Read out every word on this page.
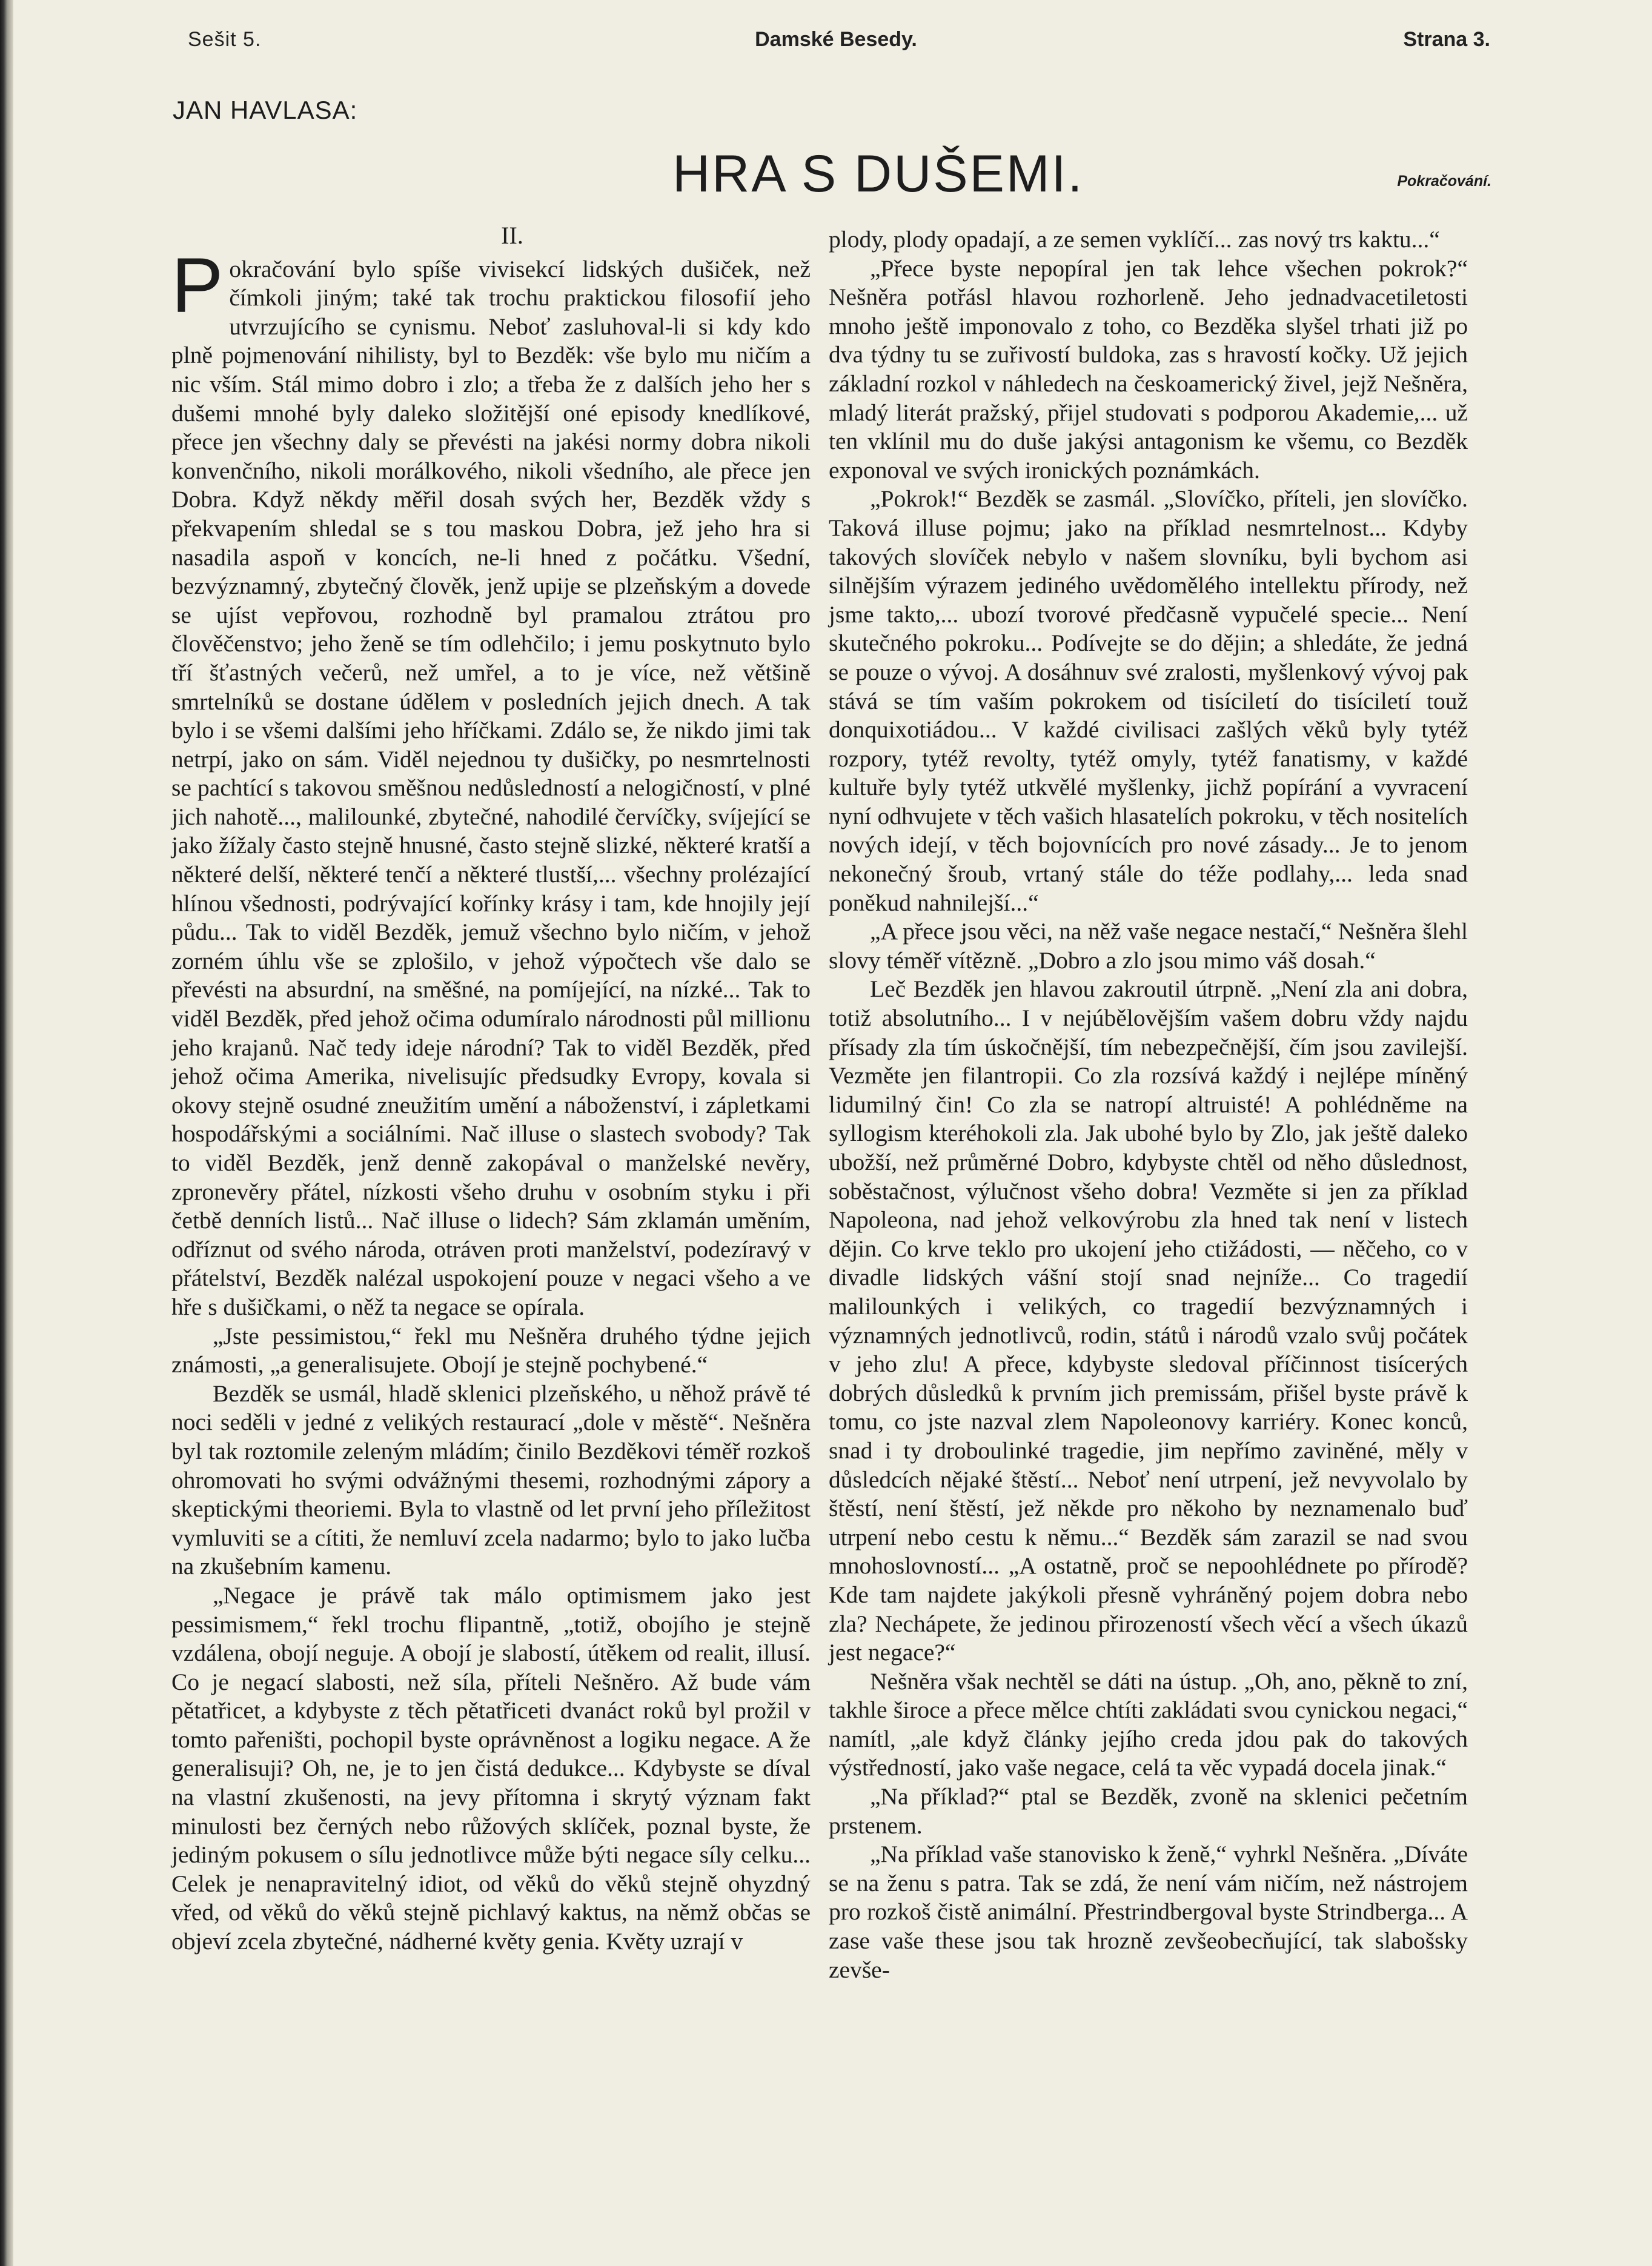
Sešit 5.	Damské Besedy.	Strana 3.
JAN HAVLASA:
HRA S DUŠEMI.	Pokračování.
II.

Pokračování bylo spíše vivisekcí lidských dušiček, než čímkoli jiným; také tak trochu praktickou filosofií jeho utvrzujícího se cynismu. Neboť zasluhoval-li si kdy kdo plně pojmenování nihilisty, byl to Bezděk: vše bylo mu ničím a nic vším. Stál mimo dobro i zlo; a třeba že z dalších jeho her s dušemi mnohé byly daleko složitější oné episody knedlíkové, přece jen všechny daly se převésti na jakési normy dobra nikoli konvenčního, nikoli morálkového, nikoli všedního, ale přece jen Dobra. Když někdy měřil dosah svých her, Bezděk vždy s překvapením shledal se s tou maskou Dobra, jež jeho hra si nasadila aspoň v koncích, ne-li hned z počátku. Všední, bezvýznamný, zbytečný člověk, jenž upije se plzeňským a dovede se ujíst vepřovou, rozhodně byl pramalou ztrátou pro člověčenstvo; jeho ženě se tím odlehčilo; i jemu poskytnuto bylo tří šťastných večerů, než umřel, a to je více, než většině smrtelníků se dostane údělem v posledních jejich dnech. A tak bylo i se všemi dalšími jeho hříčkami. Zdálo se, že nikdo jimi tak netrpí, jako on sám. Viděl nejednou ty dušičky, po nesmrtelnosti se pachtící s takovou směšnou nedůsledností a nelogičností, v plné jich nahotě..., malilounké, zbytečné, nahodilé červíčky, svíjející se jako žížaly často stejně hnusné, často stejně slizké, některé kratší a některé delší, některé tenčí a některé tlustší,... všechny prolézající hlínou všednosti, podrývající kořínky krásy i tam, kde hnojily její půdu... Tak to viděl Bezděk, jemuž všechno bylo ničím, v jehož zorném úhlu vše se zplošilo, v jehož výpočtech vše dalo se převésti na absurdní, na směšné, na pomíjející, na nízké... Tak to viděl Bezděk, před jehož očima odumíralo národnosti půl millionu jeho krajanů. Nač tedy ideje národní? Tak to viděl Bezděk, před jehož očima Amerika, nivelisujíc předsudky Evropy, kovala si okovy stejně osudné zneužitím umění a náboženství, i zápletkami hospodářskými a sociálními. Nač illuse o slastech svobody? Tak to viděl Bezděk, jenž denně zakopával o manželské nevěry, zpronevěry přátel, nízkosti všeho druhu v osobním styku i při četbě denních listů... Nač illuse o lidech? Sám zklamán uměním, odříznut od svého národa, otráven proti manželství, podezíravý v přátelství, Bezděk nalézal uspokojení pouze v negaci všeho a ve hře s dušičkami, o něž ta negace se opírala.

„Jste pessimistou,“ řekl mu Nešněra druhého týdne jejich známosti, „a generalisujete. Obojí je stejně pochybené.“

Bezděk se usmál, hladě sklenici plzeňského, u něhož právě té noci seděli v jedné z velikých restaurací „dole v městě“. Nešněra byl tak roztomile zeleným mládím; činilo Bezděkovi téměř rozkoš ohromovati ho svými odvážnými thesemi, rozhodnými zápory a skeptickými theoriemi. Byla to vlastně od let první jeho příležitost vymluviti se a cítiti, že nemluví zcela nadarmo; bylo to jako lučba na zkušebním kamenu.

„Negace je právě tak málo optimismem jako jest pessimismem,“ řekl trochu flipantně, „totiž, obojího je stejně vzdálena, obojí neguje. A obojí je slabostí, útěkem od realit, illusí. Co je negací slabosti, než síla, příteli Nešněro. Až bude vám pětatřicet, a kdybyste z těch pětatřiceti dvanáct roků byl prožil v tomto pařeništi, pochopil byste oprávněnost a logiku negace. A že generalisuji? Oh, ne, je to jen čistá dedukce... Kdybyste se díval na vlastní zkušenosti, na jevy přítomna i skrytý význam fakt minulosti bez černých nebo růžových sklíček, poznal byste, že jediným pokusem o sílu jednotlivce může býti negace síly celku... Celek je nenapravitelný idiot, od věků do věků stejně ohyzdný vřed, od věků do věků stejně pichlavý kaktus, na němž občas se objeví zcela zbytečné, nádherné květy genia. Květy uzrají v

plody, plody opadají, a ze semen vyklíčí... zas nový trs kaktu...“

„Přece byste nepopíral jen tak lehce všechen pokrok?“ Nešněra potřásl hlavou rozhorleně. Jeho jednadvacetiletosti mnoho ještě imponovalo z toho, co Bezděka slyšel trhati již po dva týdny tu se zuřivostí buldoka, zas s hravostí kočky. Už jejich základní rozkol v náhledech na českoamerický živel, jejž Nešněra, mladý literát pražský, přijel studovati s podporou Akademie,... už ten vklínil mu do duše jakýsi antagonism ke všemu, co Bezděk exponoval ve svých ironických poznámkách.

„Pokrok!“ Bezděk se zasmál. „Slovíčko, příteli, jen slovíčko. Taková illuse pojmu; jako na příklad nesmrtelnost... Kdyby takových slovíček nebylo v našem slovníku, byli bychom asi silnějším výrazem jediného uvědomělého intellektu přírody, než jsme takto,... ubozí tvorové předčasně vypučelé specie... Není skutečného pokroku... Podívejte se do dějin; a shledáte, že jedná se pouze o vývoj. A dosáhnuv své zralosti, myšlenkový vývoj pak stává se tím vaším pokrokem od tisíciletí do tisíciletí touž donquixotiádou... V každé civilisaci zašlých věků byly tytéž rozpory, tytéž revolty, tytéž omyly, tytéž fanatismy, v každé kultuře byly tytéž utkvělé myšlenky, jichž popírání a vyvracení nyní odhvujete v těch vašich hlasatelích pokroku, v těch nositelích nových idejí, v těch bojovnících pro nové zásady... Je to jenom nekonečný šroub, vrtaný stále do téže podlahy,... leda snad poněkud nahnilejší...“

„A přece jsou věci, na něž vaše negace nestačí,“ Nešněra šlehl slovy téměř vítězně. „Dobro a zlo jsou mimo váš dosah.“

Leč Bezděk jen hlavou zakroutil útrpně. „Není zla ani dobra, totiž absolutního... I v nejúbělovějším vašem dobru vždy najdu přísady zla tím úskočnější, tím nebezpečnější, čím jsou zavilejší. Vezměte jen filantropii. Co zla rozsívá každý i nejlépe míněný lidumilný čin! Co zla se natropí altruisté! A pohlédněme na syllogism kteréhokoli zla. Jak ubohé bylo by Zlo, jak ještě daleko ubožší, než průměrné Dobro, kdybyste chtěl od něho důslednost, soběstačnost, výlučnost všeho dobra! Vezměte si jen za příklad Napoleona, nad jehož velkovýrobu zla hned tak není v listech dějin. Co krve teklo pro ukojení jeho ctižádosti, — něčeho, co v divadle lidských vášní stojí snad nejníže... Co tragedií malilounkých i velikých, co tragedií bezvýznamných i významných jednotlivců, rodin, států i národů vzalo svůj počátek v jeho zlu! A přece, kdybyste sledoval příčinnost tisícerých dobrých důsledků k prvním jich premissám, přišel byste právě k tomu, co jste nazval zlem Napoleonovy karriéry. Konec konců, snad i ty droboulinké tragedie, jim nepřímo zaviněné, měly v důsledcích nějaké štěstí... Neboť není utrpení, jež nevyvolalo by štěstí, není štěstí, jež někde pro někoho by neznamenalo buď utrpení nebo cestu k němu...“ Bezděk sám zarazil se nad svou mnohoslovností... „A ostatně, proč se nepoohlédnete po přírodě? Kde tam najdete jakýkoli přesně vyhráněný pojem dobra nebo zla? Nechápete, že jedinou přirozeností všech věcí a všech úkazů jest negace?“

Nešněra však nechtěl se dáti na ústup. „Oh, ano, pěkně to zní, takhle široce a přece mělce chtíti zakládati svou cynickou negaci,“ namítl, „ale když články jejího creda jdou pak do takových výstředností, jako vaše negace, celá ta věc vypadá docela jinak.“

„Na příklad?“ ptal se Bezděk, zvoně na sklenici pečetním prstenem.

„Na příklad vaše stanovisko k ženě,“ vyhrkl Nešněra. „Díváte se na ženu s patra. Tak se zdá, že není vám ničím, než nástrojem pro rozkoš čistě animální. Přestrindbergoval byste Strindberga... A zase vaše these jsou tak hrozně zevšeobecňující, tak slabošsky zevše-
